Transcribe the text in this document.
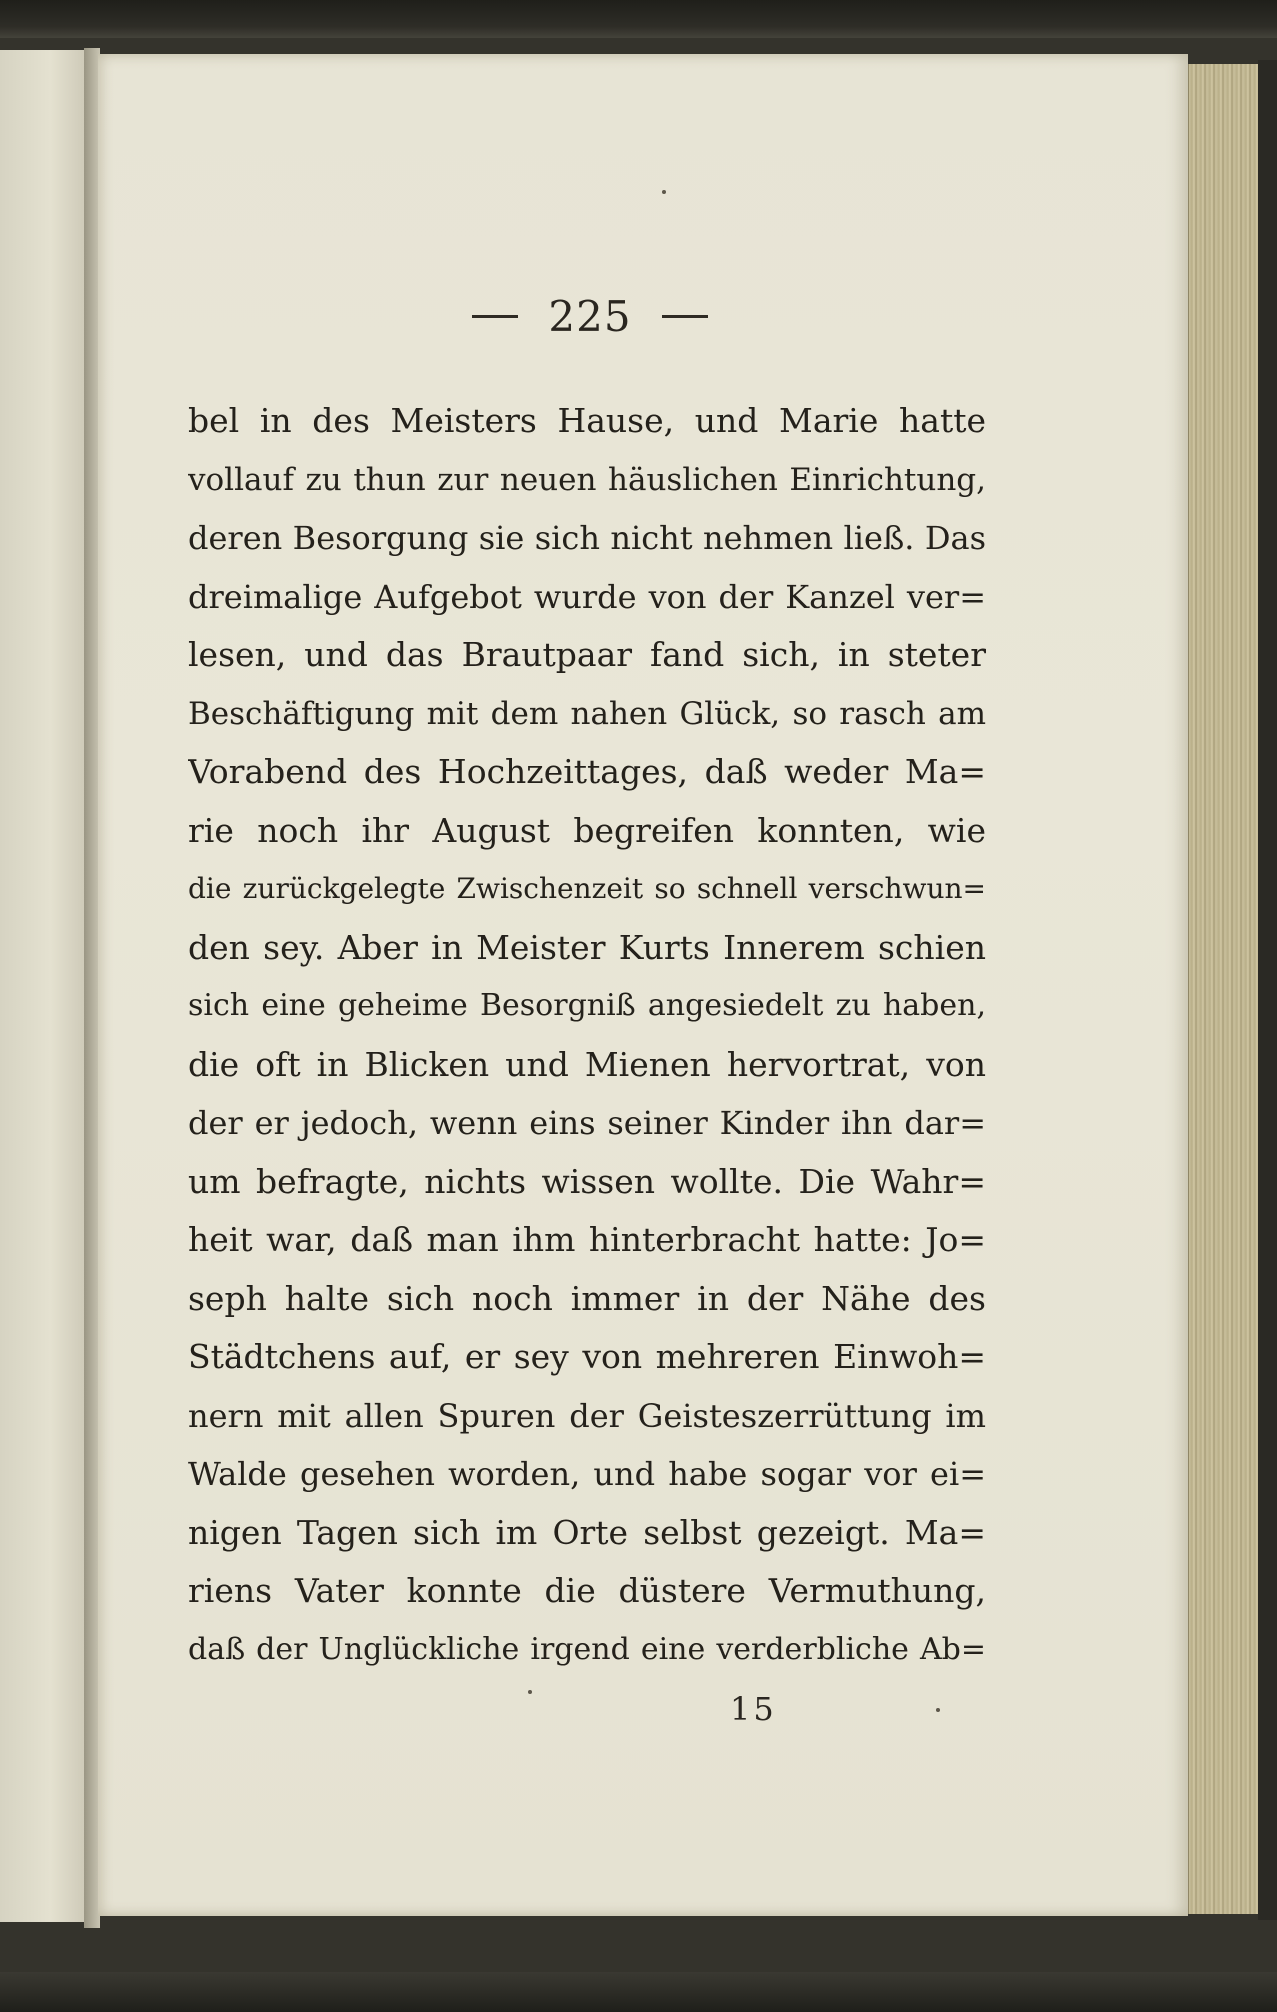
225
bel in des Meisters Hause, und Marie hatte
vollauf zu thun zur neuen häuslichen Einrichtung,
deren Besorgung sie sich nicht nehmen ließ. Das
dreimalige Aufgebot wurde von der Kanzel ver=
lesen, und das Brautpaar fand sich, in steter
Beschäftigung mit dem nahen Glück, so rasch am
Vorabend des Hochzeittages, daß weder Ma=
rie noch ihr August begreifen konnten, wie
die zurückgelegte Zwischenzeit so schnell verschwun=
den sey. Aber in Meister Kurts Innerem schien
sich eine geheime Besorgniß angesiedelt zu haben,
die oft in Blicken und Mienen hervortrat, von
der er jedoch, wenn eins seiner Kinder ihn dar=
um befragte, nichts wissen wollte. Die Wahr=
heit war, daß man ihm hinterbracht hatte: Jo=
seph halte sich noch immer in der Nähe des
Städtchens auf, er sey von mehreren Einwoh=
nern mit allen Spuren der Geisteszerrüttung im
Walde gesehen worden, und habe sogar vor ei=
nigen Tagen sich im Orte selbst gezeigt. Ma=
riens Vater konnte die düstere Vermuthung,
daß der Unglückliche irgend eine verderbliche Ab=
15
